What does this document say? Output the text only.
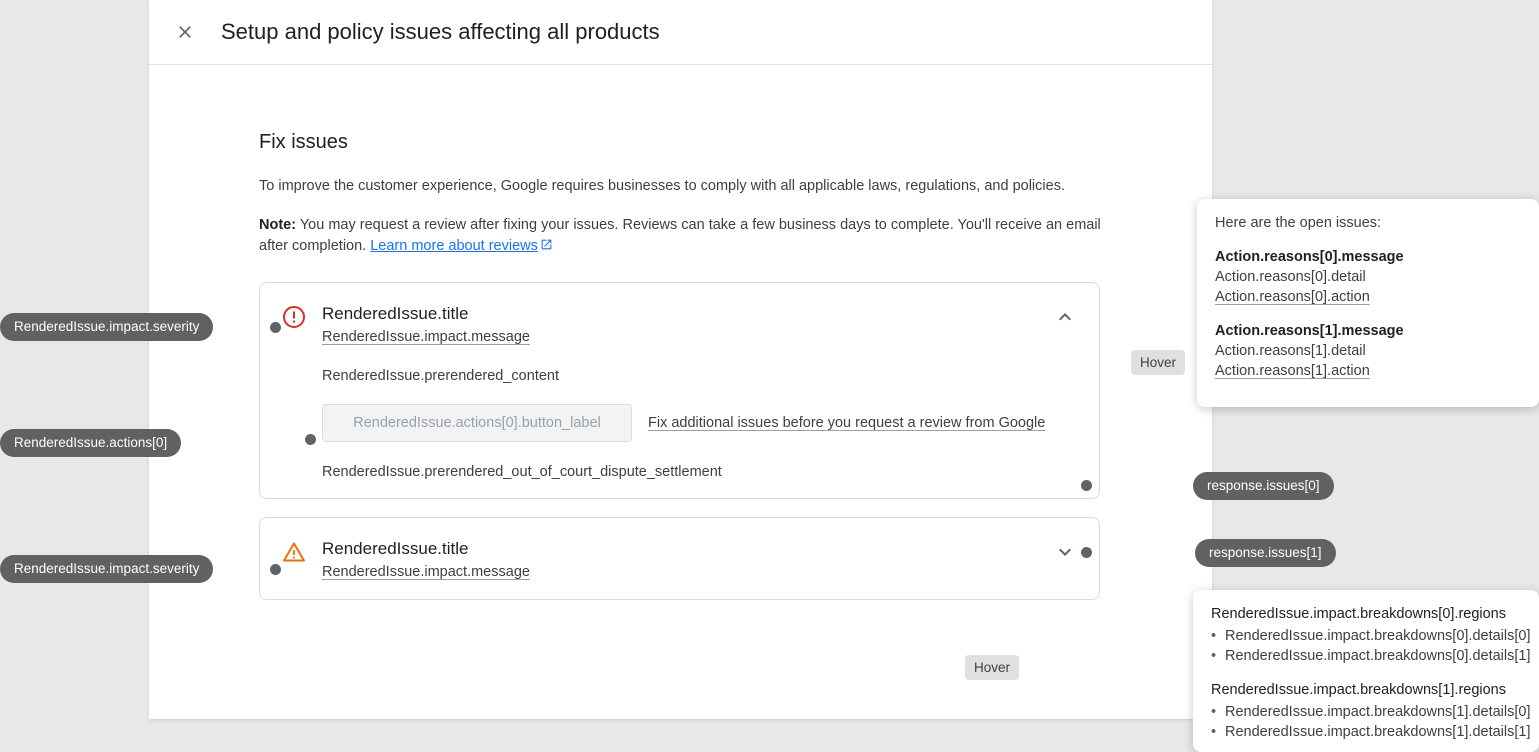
Setup and policy issues affecting all products
Fix issues

To improve the customer experience, Google requires businesses to comply with all applicable laws, regulations, and policies.

Note: You may request a review after fixing your issues. Reviews can take a few business days to complete. You'll receive an email after completion. Learn more about reviews

RenderedIssue.title
RenderedIssue.impact.message
RenderedIssue.prerendered_content
RenderedIssue.actions[0].button_label	Fix additional issues before you request a review from Google
RenderedIssue.prerendered_out_of_court_dispute_settlement
RenderedIssue.title
RenderedIssue.impact.message
RenderedIssue.impact.severity
RenderedIssue.actions[0]
RenderedIssue.impact.severity
response.issues[0]
response.issues[1]
Hover
Hover
Here are the open issues:
Action.reasons[0].message
Action.reasons[0].detail
Action.reasons[0].action
Action.reasons[1].message
Action.reasons[1].detail
Action.reasons[1].action
RenderedIssue.impact.breakdowns[0].regions
• RenderedIssue.impact.breakdowns[0].details[0]
• RenderedIssue.impact.breakdowns[0].details[1]
RenderedIssue.impact.breakdowns[1].regions
• RenderedIssue.impact.breakdowns[1].details[0]
• RenderedIssue.impact.breakdowns[1].details[1]
